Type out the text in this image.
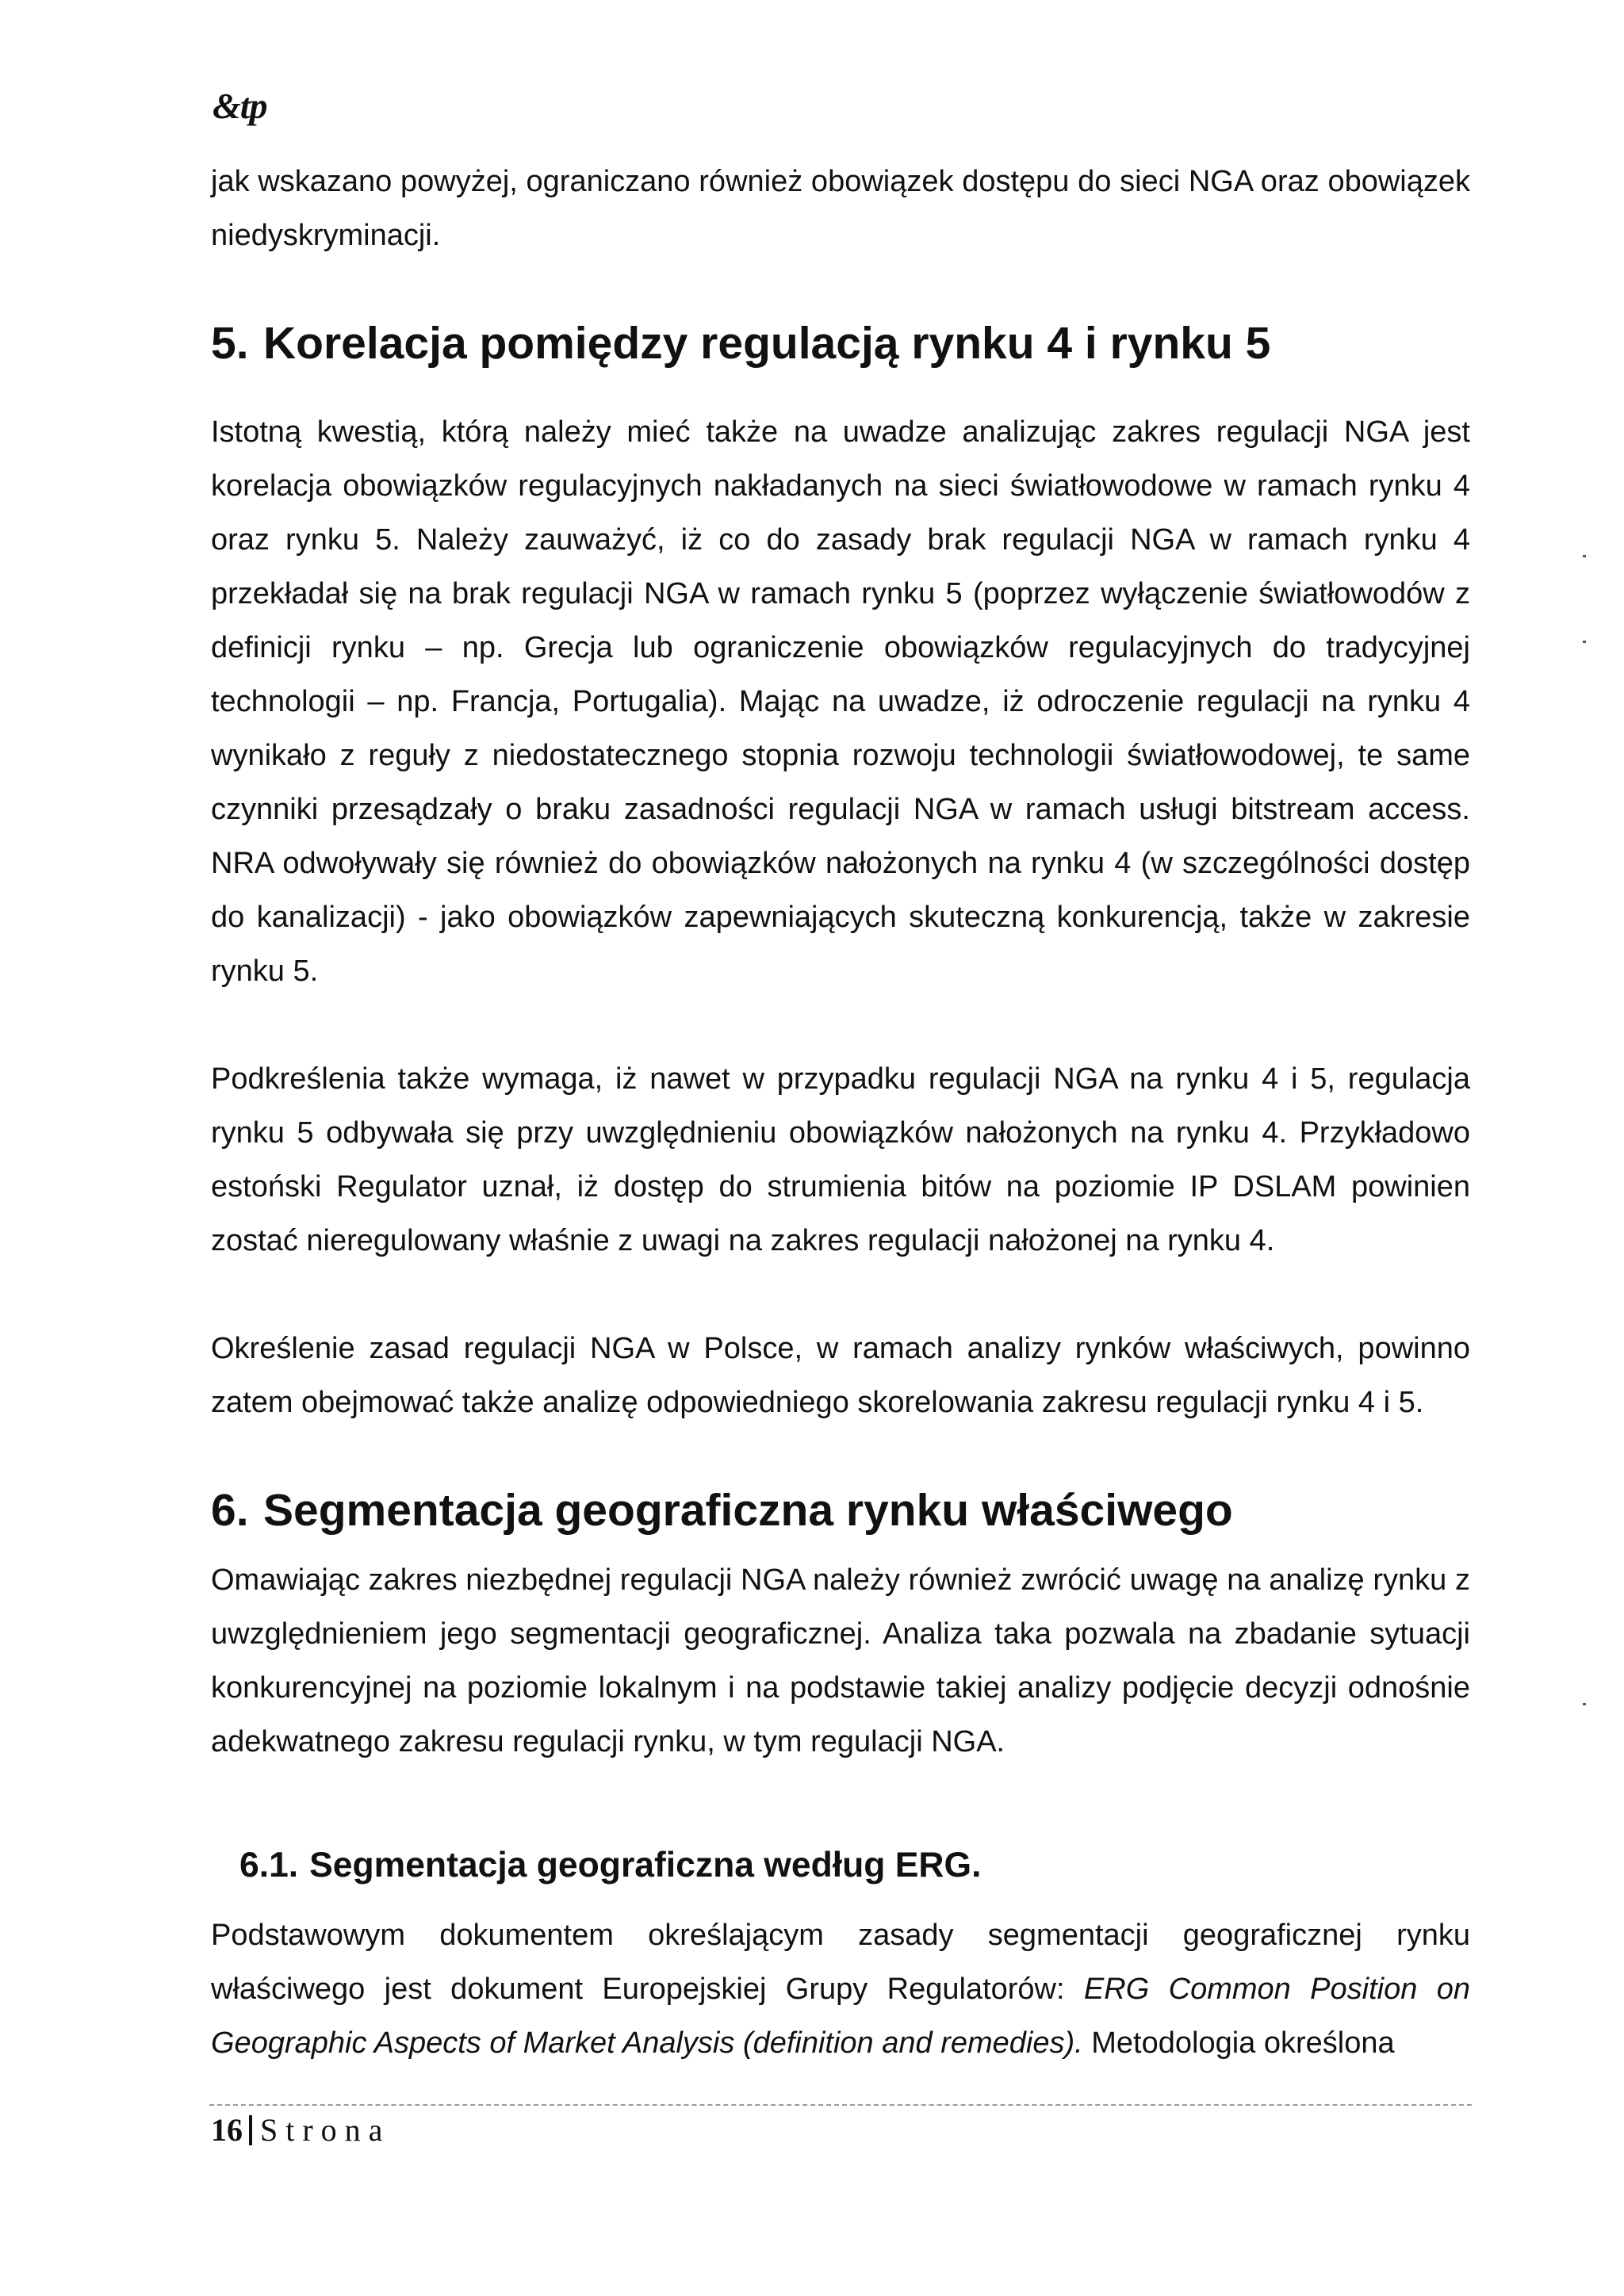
&tp

jak wskazano powyżej, ograniczano również obowiązek dostępu do sieci NGA oraz obowiązek niedyskryminacji.

5. Korelacja pomiędzy regulacją rynku 4 i rynku 5

Istotną kwestią, którą należy mieć także na uwadze analizując zakres regulacji NGA jest korelacja obowiązków regulacyjnych nakładanych na sieci światłowodowe w ramach rynku 4 oraz rynku 5. Należy zauważyć, iż co do zasady brak regulacji NGA w ramach rynku 4 przekładał się na brak regulacji NGA w ramach rynku 5 (poprzez wyłączenie światłowodów z definicji rynku – np. Grecja lub ograniczenie obowiązków regulacyjnych do tradycyjnej technologii – np. Francja, Portugalia). Mając na uwadze, iż odroczenie regulacji na rynku 4 wynikało z reguły z niedostatecznego stopnia rozwoju technologii światłowodowej, te same czynniki przesądzały o braku zasadności regulacji NGA w ramach usługi bitstream access. NRA odwoływały się również do obowiązków nałożonych na rynku 4 (w szczególności dostęp do kanalizacji) - jako obowiązków zapewniających skuteczną konkurencją, także w zakresie rynku 5.

Podkreślenia także wymaga, iż nawet w przypadku regulacji NGA na rynku 4 i 5, regulacja rynku 5 odbywała się przy uwzględnieniu obowiązków nałożonych na rynku 4. Przykładowo estoński Regulator uznał, iż dostęp do strumienia bitów na poziomie IP DSLAM powinien zostać nieregulowany właśnie z uwagi na zakres regulacji nałożonej na rynku 4.

Określenie zasad regulacji NGA w Polsce, w ramach analizy rynków właściwych, powinno zatem obejmować także analizę odpowiedniego skorelowania zakresu regulacji rynku 4 i 5.

6. Segmentacja geograficzna rynku właściwego

Omawiając zakres niezbędnej regulacji NGA należy również zwrócić uwagę na analizę rynku z uwzględnieniem jego segmentacji geograficznej. Analiza taka pozwala na zbadanie sytuacji konkurencyjnej na poziomie lokalnym i na podstawie takiej analizy podjęcie decyzji odnośnie adekwatnego zakresu regulacji rynku, w tym regulacji NGA.

6.1. Segmentacja geograficzna według ERG.

Podstawowym dokumentem określającym zasady segmentacji geograficznej rynku właściwego jest dokument Europejskiej Grupy Regulatorów: ERG Common Position on Geographic Aspects of Market Analysis (definition and remedies). Metodologia określona

16 Strona
